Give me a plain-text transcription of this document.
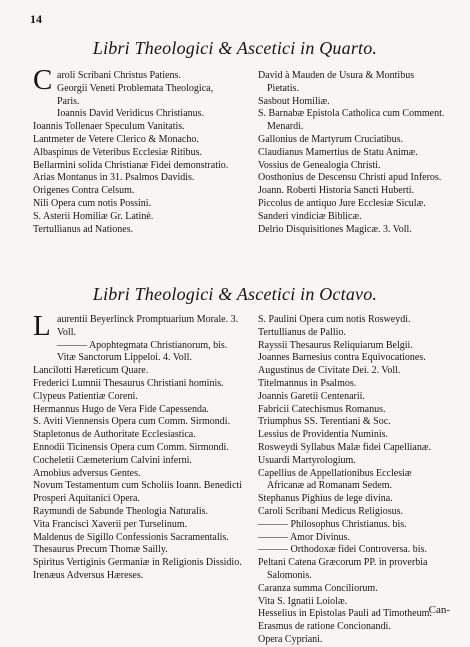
14
Libri Theologici & Ascetici in Quarto.
C aroli Scribani Christus Patiens.
Georgii Veneti Problemata Theologica,
Paris.
Ioannis David Veridicus Christianus.
Ioannis Tollenaer Speculum Vanitatis.
Lantmeter de Vetere Clerico & Monacho.
Albaspinus de Veteribus Ecclesiæ Ritibus.
Bellarmini solida Christianæ Fidei demonstratio.
Arias Montanus in 31. Psalmos Davidis.
Origenes Contra Celsum.
Nili Opera cum notis Possini.
S. Asterii Homiliæ Gr. Latinè.
Tertullianus ad Nationes.
David à Mauden de Usura & Montibus Pietatis.
Sasbout Homiliæ.
S. Barnabæ Epistola Catholica cum Comment. Menardi.
Gallonius de Martyrum Cruciatibus.
Claudianus Mamertius de Statu Animæ.
Vossius de Genealogia Christi.
Oosthonius de Descensu Christi apud Inferos.
Joann. Roberti Historia Sancti Huberti.
Piccolus de antiquo Jure Ecclesiæ Siculæ.
Sanderi vindiciæ Biblicæ.
Delrio Disquisitiones Magicæ. 3. Voll.
Libri Theologici & Ascetici in Octavo.
L aurentii Beyerlinck Promptuarium Morale. 3. Voll.
——— Apophtegmata Christianorum, bis.
Vitæ Sanctorum Lippeloi. 4. Voll.
Lancilotti Hæreticum Quare.
Frederici Lumnii Thesaurus Christiani hominis.
Clypeus Patientiæ Coreni.
Hermannus Hugo de Vera Fide Capessenda.
S. Aviti Viennensis Opera cum Comm. Sirmondi.
Stapletonus de Authoritate Ecclesiastica.
Ennodii Ticinensis Opera cum Comm. Sirmondi.
Cocheletii Cæmeterium Calvini inferni.
Arnobius adversus Gentes.
Novum Testamentum cum Scholiis Ioann. Benedicti
Prosperi Aquitanici Opera.
Raymundi de Sabunde Theologia Naturalis.
Vita Francisci Xaverii per Turselinum.
Maldenus de Sigillo Confessionis Sacramentalis.
Thesaurus Precum Thomæ Sailly.
Spiritus Vertiginis Germaniæ in Religionis Dissidio.
Irenæus Adversus Hæreses.
S. Paulini Opera cum notis Rosweydi.
Tertullianus de Pallio.
Rayssii Thesaurus Reliquiarum Belgii.
Joannes Barnesius contra Equivocationes.
Augustinus de Civitate Dei. 2. Voll.
Titelmannus in Psalmos.
Joannis Garetii Centenarii.
Fabricii Catechismus Romanus.
Triumphus SS. Terentiani & Soc.
Lessius de Providentia Numinis.
Rosweydi Syllabus Malæ fidei Capellianæ.
Usuardi Martyrologium.
Capellius de Appellationibus Ecclesiæ Africanæ ad Romanam Sedem.
Stephanus Pighius de lege divina.
Caroli Scribani Medicus Religiosus.
——— Philosophus Christianus. bis.
——— Amor Divinus.
——— Orthodoxæ fidei Controversa. bis.
Peltani Catena Græcorum PP. in proverbia Salomonis.
Caranza summa Conciliorum.
Vita S. Ignatii Loiolæ.
Hesselius in Epistolas Pauli ad Timotheum.
Erasmus de ratione Concionandi.
Opera Cypriani.
Can-
